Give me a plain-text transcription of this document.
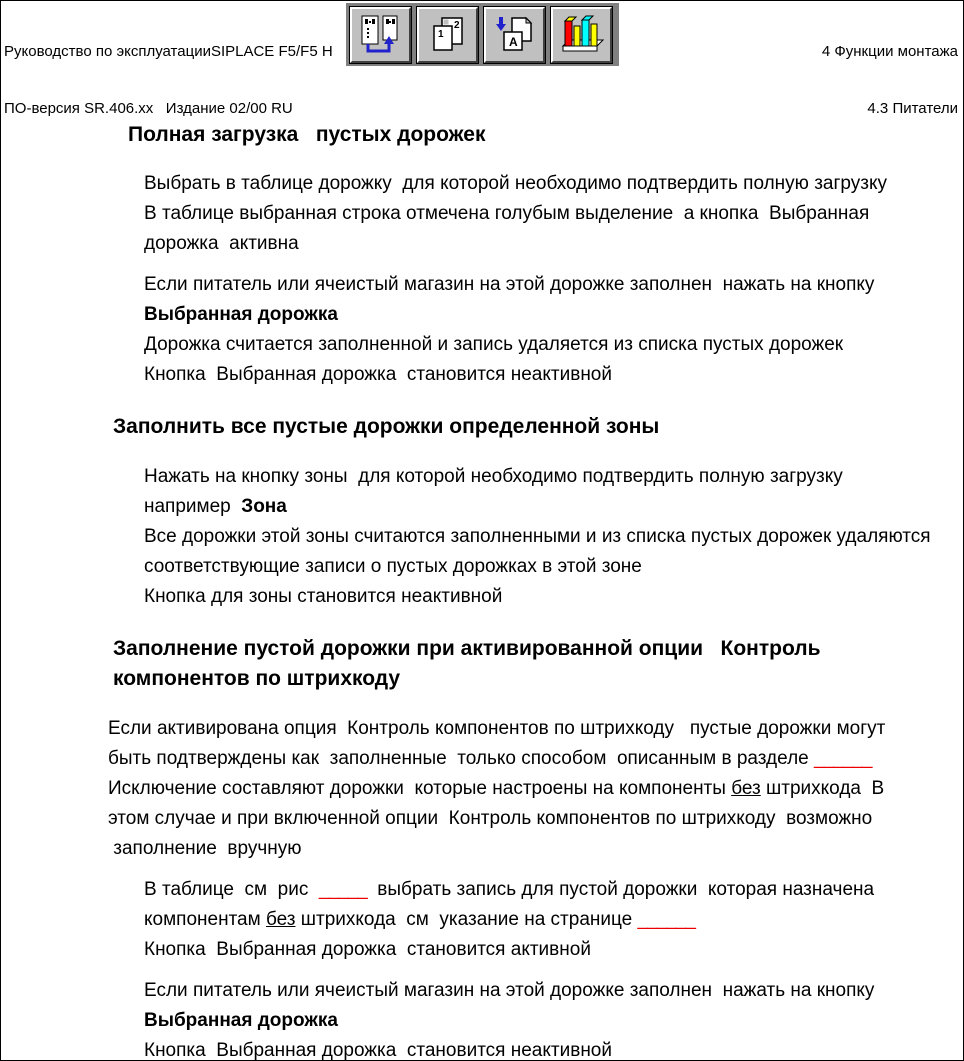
Руководство по эксплуатацииSIPLACE F5/F5 H

ПО-версия SR.406.xx   Издание 02/00 RU

4 Функции монтажа

4.3 Питатели

2
1
A
Полная загрузка   пустых дорожек
Выбрать в таблице дорожку  для которой необходимо подтвердить полную загрузку
В таблице выбранная строка отмечена голубым выделение  а кнопка  Выбранная
дорожка  активна
Если питатель или ячеистый магазин на этой дорожке заполнен  нажать на кнопку
Выбранная дорожка
Дорожка считается заполненной и запись удаляется из списка пустых дорожек
Кнопка  Выбранная дорожка  становится неактивной
Заполнить все пустые дорожки определенной зоны
Нажать на кнопку зоны  для которой необходимо подтвердить полную загрузку
например  Зона
Все дорожки этой зоны считаются заполненными и из списка пустых дорожек удаляются
соответствующие записи о пустых дорожках в этой зоне
Кнопка для зоны становится неактивной
Заполнение пустой дорожки при активированной опции   Контроль
компонентов по штрихкоду
Если активирована опция  Контроль компонентов по штрихкоду   пустые дорожки могут
быть подтверждены как  заполненные  только способом  описанным в разделе ______
Исключение составляют дорожки  которые настроены на компоненты без штрихкода  В
этом случае и при включенной опции  Контроль компонентов по штрихкоду  возможно
заполнение  вручную
В таблице  см  рис  _____  выбрать запись для пустой дорожки  которая назначена
компонентам без штрихкода  см  указание на странице ______
Кнопка  Выбранная дорожка  становится активной
Если питатель или ячеистый магазин на этой дорожке заполнен  нажать на кнопку
Выбранная дорожка
Кнопка  Выбранная дорожка  становится неактивной
